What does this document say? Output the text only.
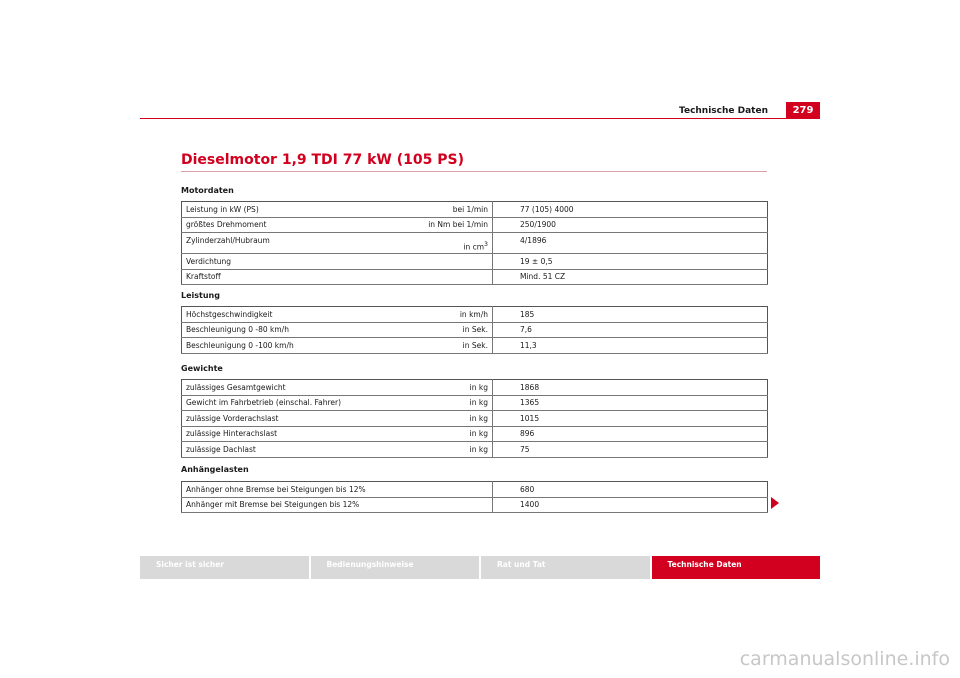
Technische Daten	279
Dieselmotor 1,9 TDI 77 kW (105 PS)
Motordaten
Leistung in kW (PS)	bei 1/min	77 (105) 4000
größtes Drehmoment	in Nm bei 1/min	250/1900
Zylinderzahl/Hubraum	in $cm^3$	4/1896
Verdichtung		19 ± 0,5
Kraftstoff		Mind. 51 CZ
Leistung
Höchstgeschwindigkeit	in km/h	185
Beschleunigung 0 -80 km/h	in Sek.	7,6
Beschleunigung 0 -100 km/h	in Sek.	11,3
Gewichte
zulässiges Gesamtgewicht	in kg	1868
Gewicht im Fahrbetrieb (einschal. Fahrer)	in kg	1365
zulässige Vorderachslast	in kg	1015
zulässige Hinterachslast	in kg	896
zulässige Dachlast	in kg	75
Anhängelasten
Anhänger ohne Bremse bei Steigungen bis 12%	680
Anhänger mit Bremse bei Steigungen bis 12%	1400
Sicher ist sicher	Bedienungshinweise	Rat und Tat	Technische Daten
carmanualsonline.info
